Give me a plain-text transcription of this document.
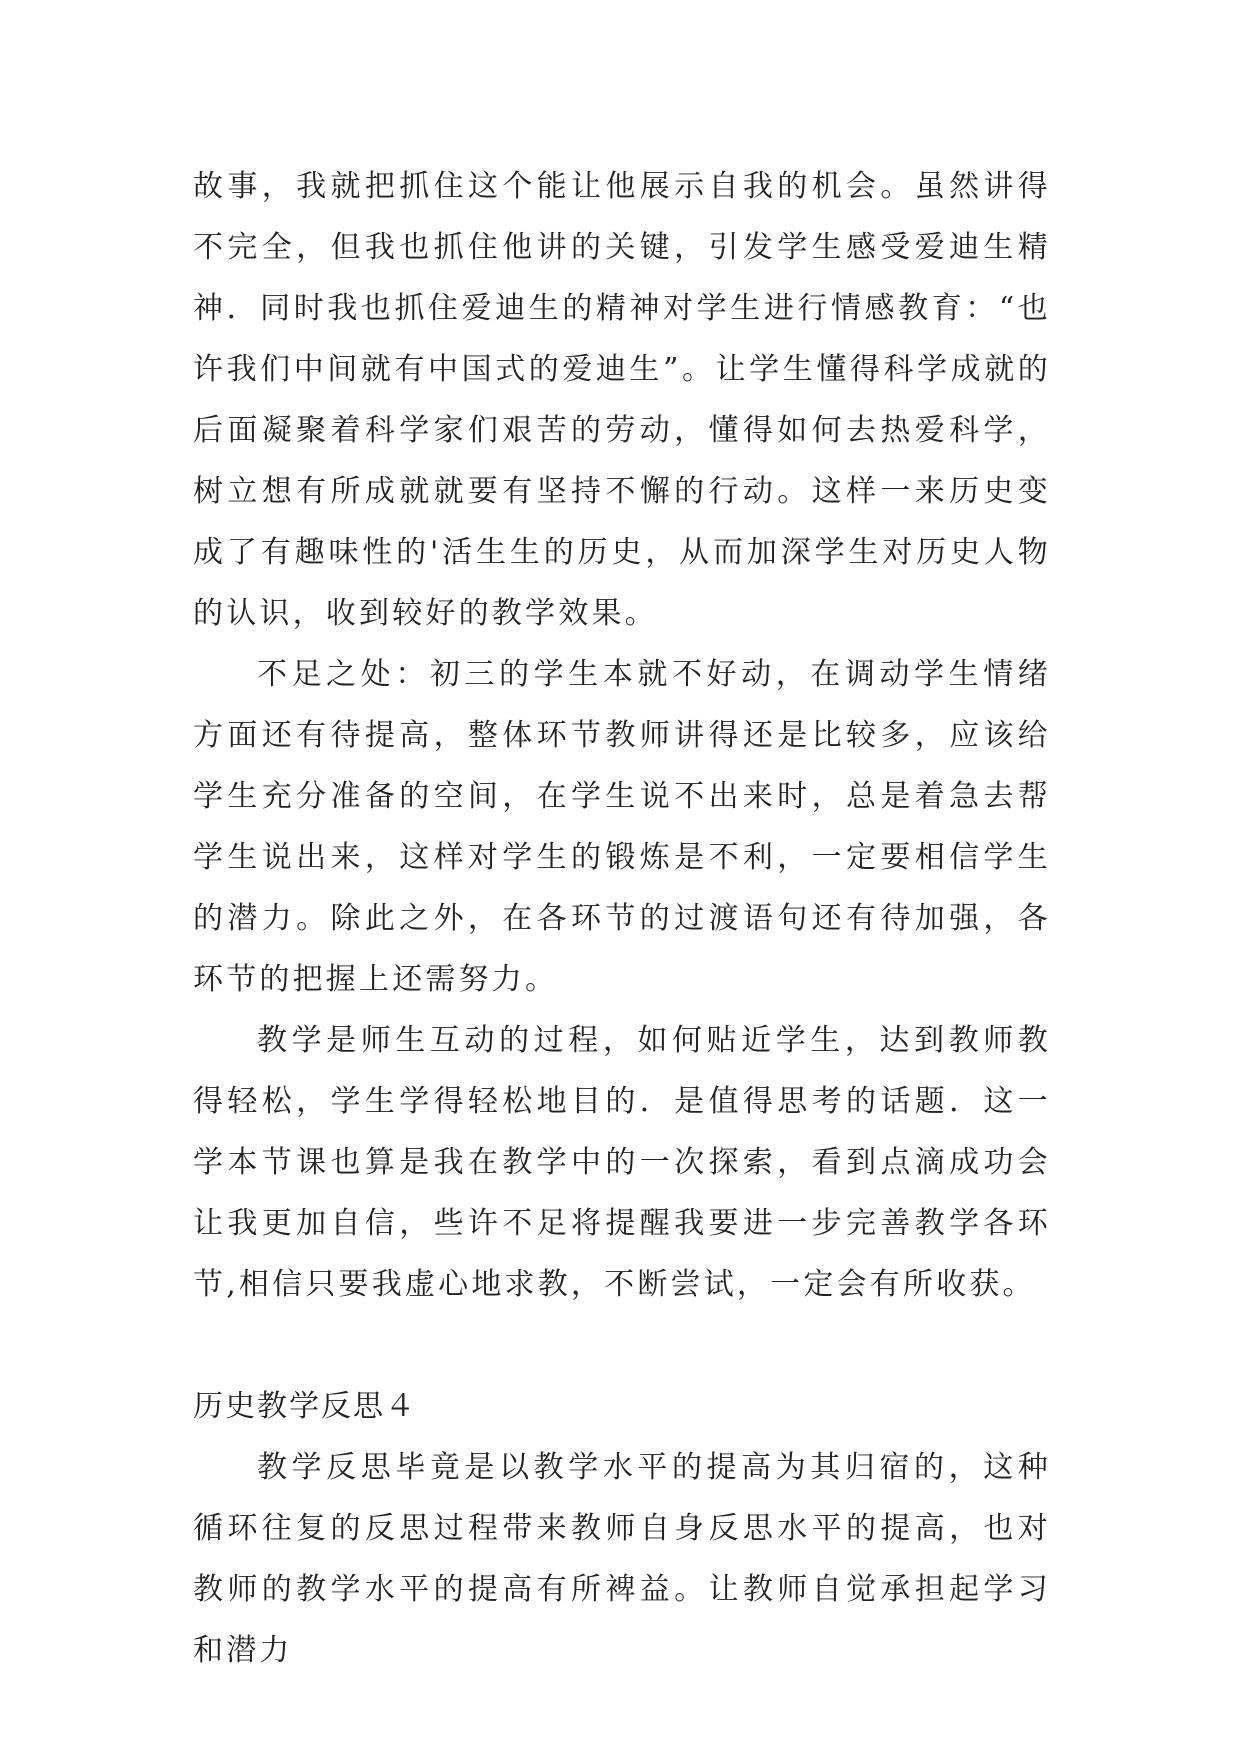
故事，我就把抓住这个能让他展示自我的机会。虽然讲得不完全，但我也抓住他讲的关键，引发学生感受爱迪生精神．同时我也抓住爱迪生的精神对学生进行情感教育：“也许我们中间就有中国式的爱迪生”。让学生懂得科学成就的后面凝聚着科学家们艰苦的劳动，懂得如何去热爱科学，树立想有所成就就要有坚持不懈的行动。这样一来历史变成了有趣味性的'活生生的历史，从而加深学生对历史人物的认识，收到较好的教学效果。

不足之处：初三的学生本就不好动，在调动学生情绪方面还有待提高，整体环节教师讲得还是比较多，应该给学生充分准备的空间，在学生说不出来时，总是着急去帮学生说出来，这样对学生的锻炼是不利，一定要相信学生的潜力。除此之外，在各环节的过渡语句还有待加强，各环节的把握上还需努力。

教学是师生互动的过程，如何贴近学生，达到教师教得轻松，学生学得轻松地目的．是值得思考的话题．这一学本节课也算是我在教学中的一次探索，看到点滴成功会让我更加自信，些许不足将提醒我要进一步完善教学各环节,相信只要我虚心地求教，不断尝试，一定会有所收获。

历史教学反思４

教学反思毕竟是以教学水平的提高为其归宿的，这种循环往复的反思过程带来教师自身反思水平的提高，也对教师的教学水平的提高有所裨益。让教师自觉承担起学习和潜力
